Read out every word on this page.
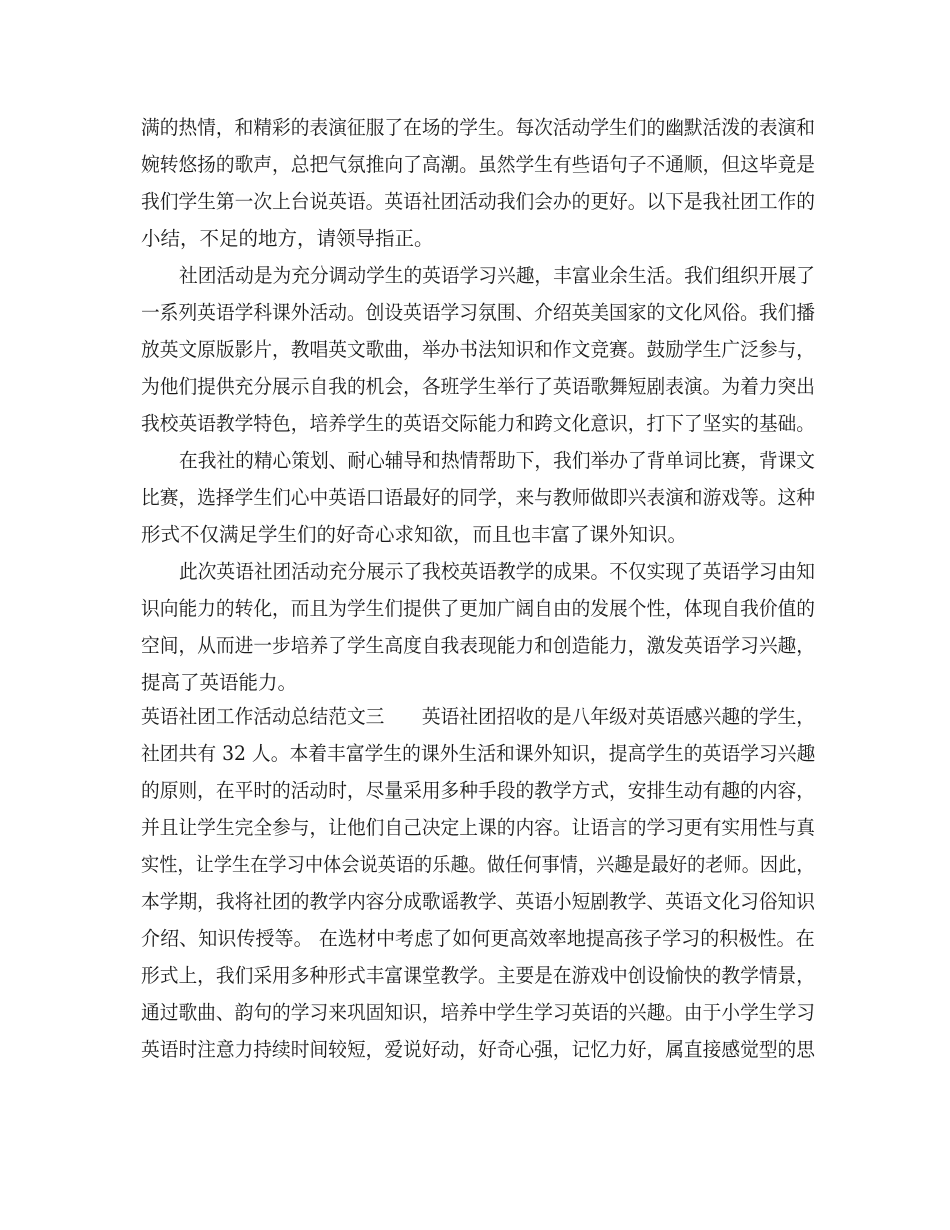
满的热情，和精彩的表演征服了在场的学生。每次活动学生们的幽默活泼的表演和
婉转悠扬的歌声，总把气氛推向了高潮。虽然学生有些语句子不通顺，但这毕竟是
我们学生第一次上台说英语。英语社团活动我们会办的更好。以下是我社团工作的
小结，不足的地方，请领导指正。
社团活动是为充分调动学生的英语学习兴趣，丰富业余生活。我们组织开展了
一系列英语学科课外活动。创设英语学习氛围、介绍英美国家的文化风俗。我们播
放英文原版影片，教唱英文歌曲，举办书法知识和作文竞赛。鼓励学生广泛参与，
为他们提供充分展示自我的机会，各班学生举行了英语歌舞短剧表演。为着力突出
我校英语教学特色，培养学生的英语交际能力和跨文化意识，打下了坚实的基础。
在我社的精心策划、耐心辅导和热情帮助下，我们举办了背单词比赛，背课文
比赛，选择学生们心中英语口语最好的同学，来与教师做即兴表演和游戏等。这种
形式不仅满足学生们的好奇心求知欲，而且也丰富了课外知识。
此次英语社团活动充分展示了我校英语教学的成果。不仅实现了英语学习由知
识向能力的转化，而且为学生们提供了更加广阔自由的发展个性，体现自我价值的
空间，从而进一步培养了学生高度自我表现能力和创造能力，激发英语学习兴趣，
提高了英语能力。
英语社团工作活动总结范文三　　英语社团招收的是八年级对英语感兴趣的学生，
社团共有 32 人。本着丰富学生的课外生活和课外知识，提高学生的英语学习兴趣
的原则，在平时的活动时，尽量采用多种手段的教学方式，安排生动有趣的内容，
并且让学生完全参与，让他们自己决定上课的内容。让语言的学习更有实用性与真
实性，让学生在学习中体会说英语的乐趣。做任何事情，兴趣是最好的老师。因此，
本学期，我将社团的教学内容分成歌谣教学、英语小短剧教学、英语文化习俗知识
介绍、知识传授等。 在选材中考虑了如何更高效率地提高孩子学习的积极性。在
形式上，我们采用多种形式丰富课堂教学。主要是在游戏中创设愉快的教学情景，
通过歌曲、韵句的学习来巩固知识，培养中学生学习英语的兴趣。由于小学生学习
英语时注意力持续时间较短，爱说好动，好奇心强，记忆力好，属直接感觉型的思
